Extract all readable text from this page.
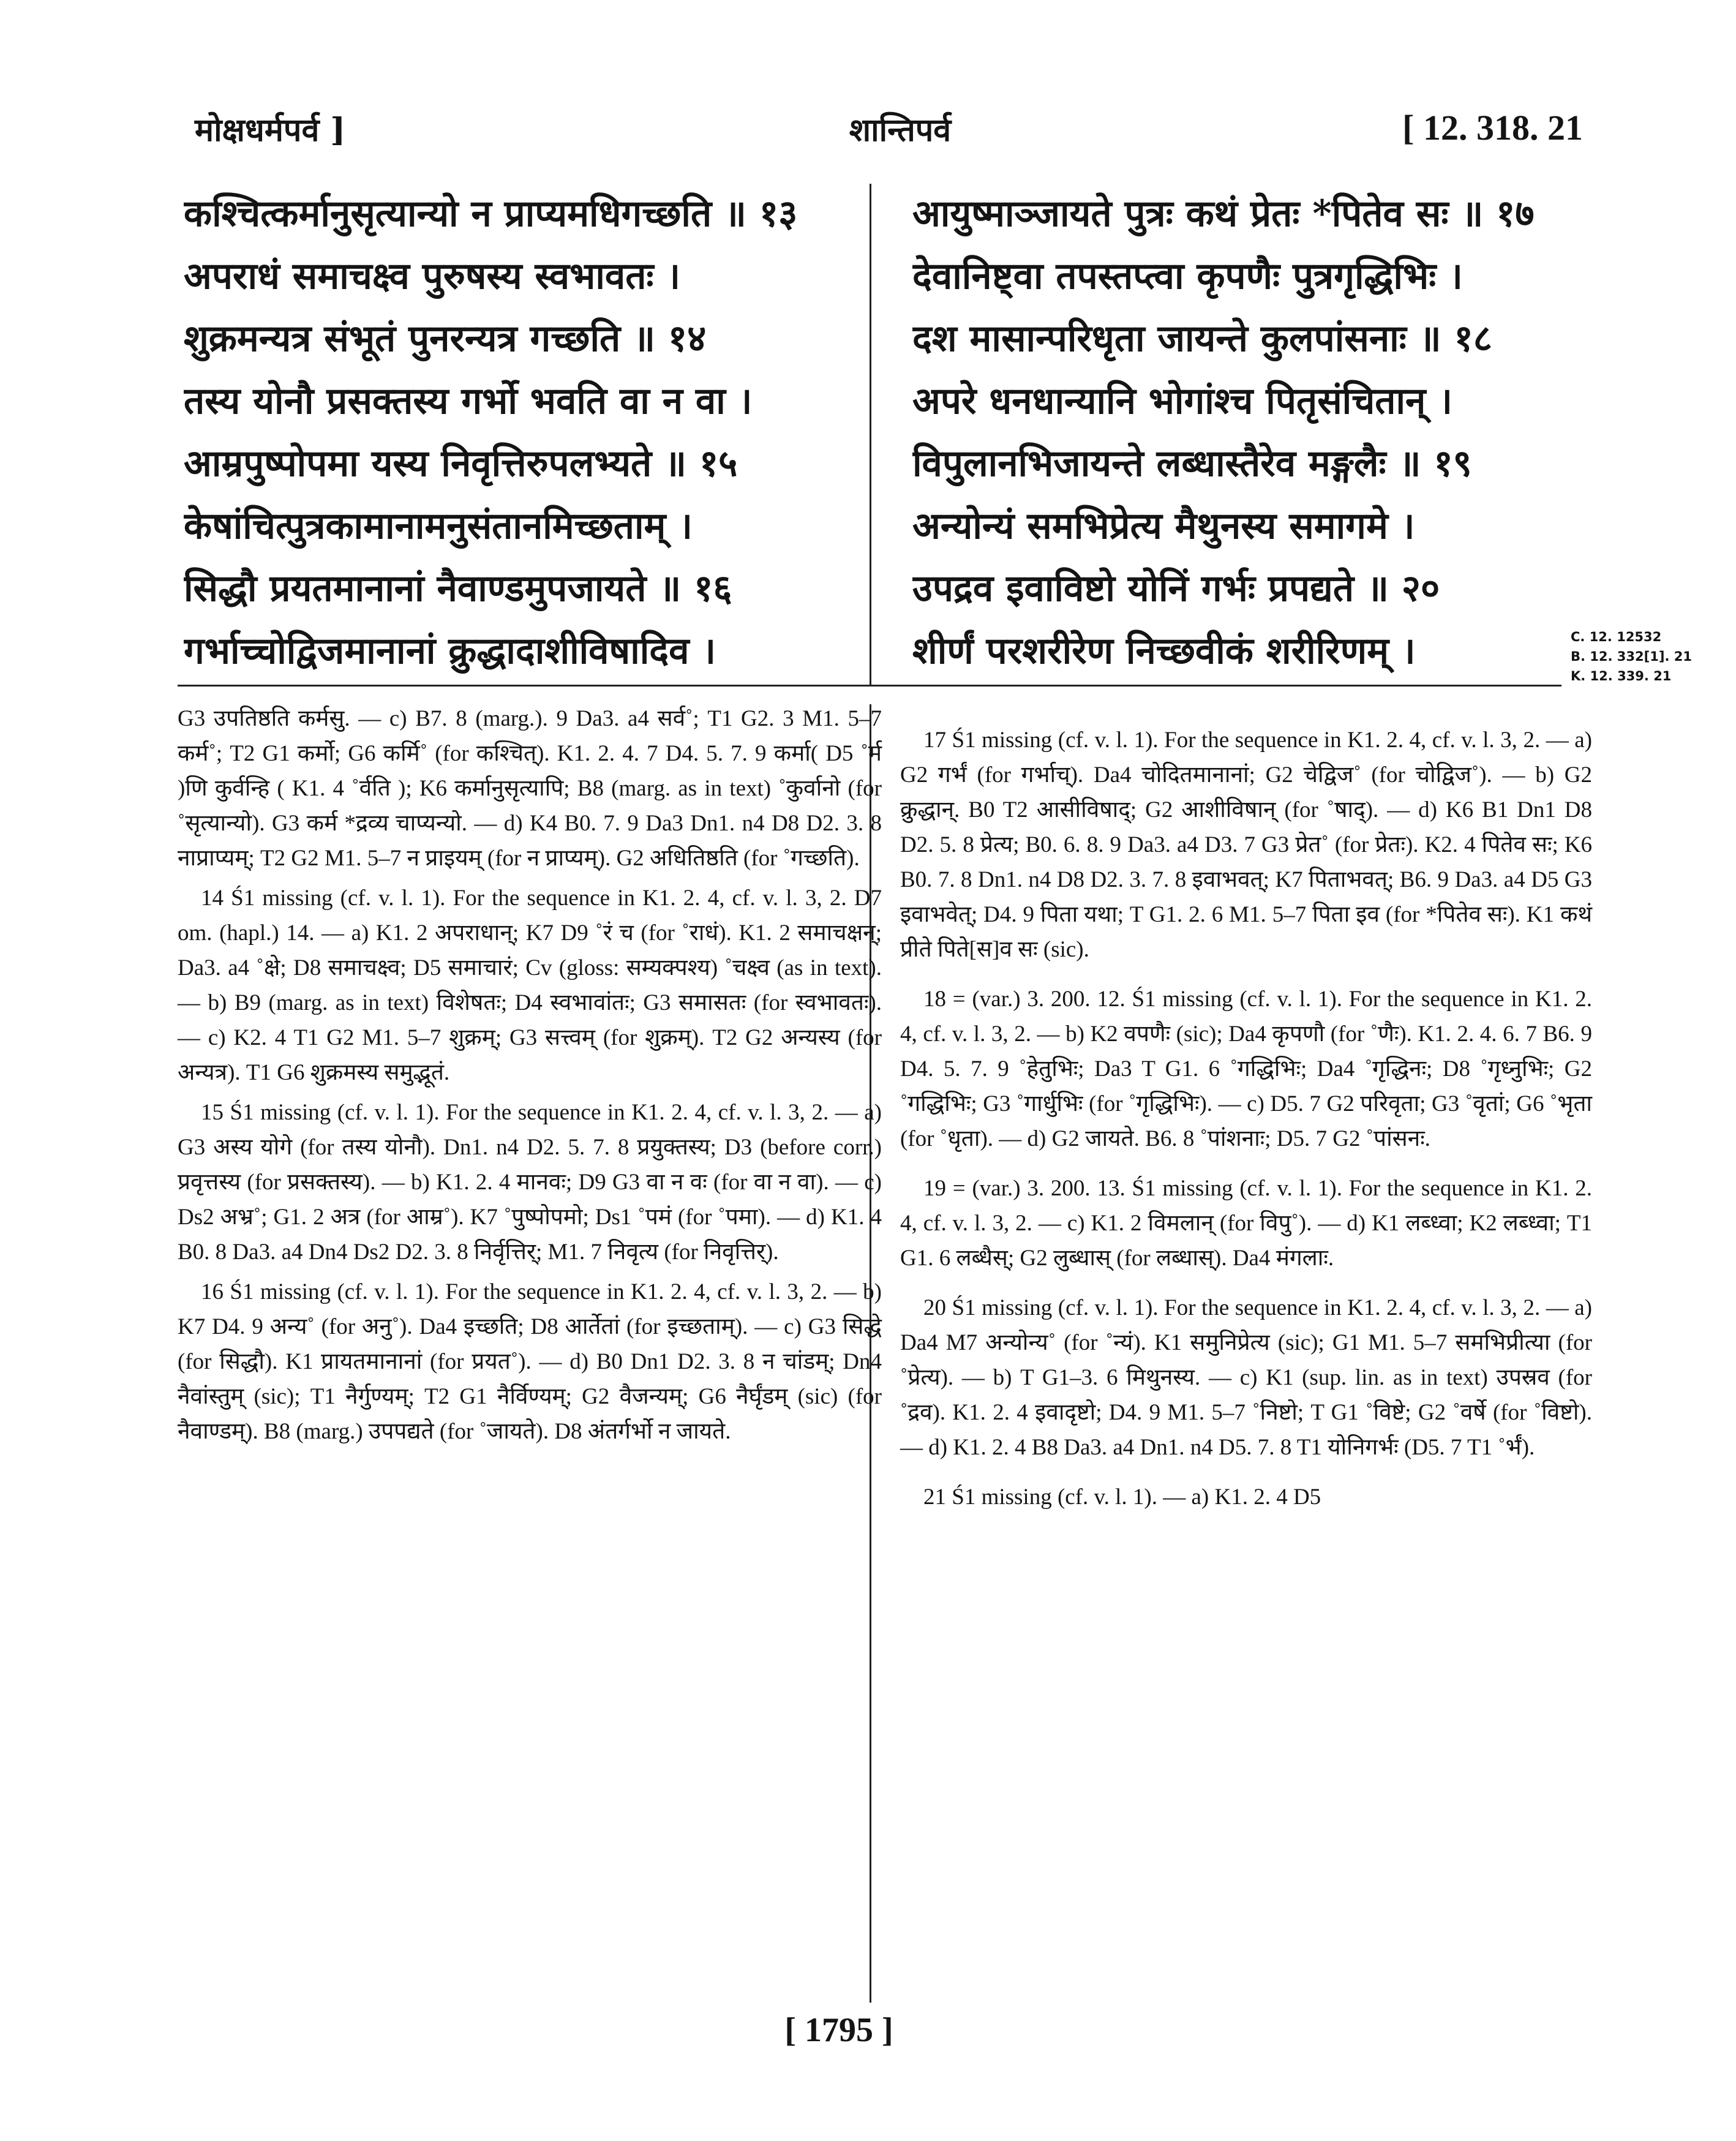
मोक्षधर्मपर्व ]	शान्तिपर्व	[ 12. 318. 21
कश्चित्कर्मानुसृत्यान्यो न प्राप्यमधिगच्छति ॥ १३
अपराधं समाचक्ष्व पुरुषस्य स्वभावतः ।
शुक्रमन्यत्र संभूतं पुनरन्यत्र गच्छति ॥ १४
तस्य योनौ प्रसक्तस्य गर्भो भवति वा न वा ।
आम्रपुष्पोपमा यस्य निवृत्तिरुपलभ्यते ॥ १५
केषांचित्पुत्रकामानामनुसंतानमिच्छताम् ।
सिद्धौ प्रयतमानानां नैवाण्डमुपजायते ॥ १६
गर्भाच्चोद्विजमानानां क्रुद्धादाशीविषादिव ।
आयुष्माञ्जायते पुत्रः कथं प्रेतः *पितेव सः ॥ १७
देवानिष्ट्वा तपस्तप्त्वा कृपणैः पुत्रगृद्धिभिः ।
दश मासान्परिधृता जायन्ते कुलपांसनाः ॥ १८
अपरे धनधान्यानि भोगांश्च पितृसंचितान् ।
विपुलानभिजायन्ते लब्धास्तैरेव मङ्गलैः ॥ १९
अन्योन्यं समभिप्रेत्य मैथुनस्य समागमे ।
उपद्रव इवाविष्टो योनिं गर्भः प्रपद्यते ॥ २०
शीर्णं परशरीरेण निच्छवीकं शरीरिणम् ।	C. 12. 12532
B. 12. 332[1]. 21
K. 12. 339. 21

G3 उपतिष्ठति कर्मसु. — c) B7. 8 (marg.). 9 Da3. a4 सर्व˚; T1 G2. 3 M1. 5–7 कर्म˚; T2 G1 कर्मो; G6 कर्मि˚ (for कश्चित्). K1. 2. 4. 7 D4. 5. 7. 9 कर्मा( D5 ˚र्म )णि कुर्वन्हि ( K1. 4 ˚र्वति ); K6 कर्मानुसृत्यापि; B8 (marg. as in text) ˚कुर्वानो (for ˚सृत्यान्यो). G3 कर्म *द्रव्य चाप्यन्यो. — d) K4 B0. 7. 9 Da3 Dn1. n4 D8 D2. 3. 8 नाप्राप्यम्; T2 G2 M1. 5–7 न प्राइयम् (for न प्राप्यम्). G2 अधितिष्ठति (for ˚गच्छति).

14 Ś1 missing (cf. v. l. 1). For the sequence in K1. 2. 4, cf. v. l. 3, 2. D7 om. (hapl.) 14. — a) K1. 2 अपराधान्; K7 D9 ˚रं च (for ˚राधं). K1. 2 समाचक्षन्; Da3. a4 ˚क्षे; D8 समाचक्ष्व; D5 समाचारं; Cv (gloss: सम्यक्पश्य) ˚चक्ष्व (as in text). — b) B9 (marg. as in text) विशेषतः; D4 स्वभावांतः; G3 समासतः (for स्वभावतः). — c) K2. 4 T1 G2 M1. 5–7 शुक्रम्; G3 सत्त्वम् (for शुक्रम्). T2 G2 अन्यस्य (for अन्यत्र). T1 G6 शुक्रमस्य समुद्भूतं.

15 Ś1 missing (cf. v. l. 1). For the sequence in K1. 2. 4, cf. v. l. 3, 2. — a) G3 अस्य योगे (for तस्य योनौ). Dn1. n4 D2. 5. 7. 8 प्रयुक्तस्य; D3 (before corr.) प्रवृत्तस्य (for प्रसक्तस्य). — b) K1. 2. 4 मानवः; D9 G3 वा न वः (for वा न वा). — c) Ds2 अभ्र˚; G1. 2 अत्र (for आम्र˚). K7 ˚पुष्पोपमो; Ds1 ˚पमं (for ˚पमा). — d) K1. 4 B0. 8 Da3. a4 Dn4 Ds2 D2. 3. 8 निर्वृत्तिर्; M1. 7 निवृत्य (for निवृत्तिर्).

16 Ś1 missing (cf. v. l. 1). For the sequence in K1. 2. 4, cf. v. l. 3, 2. — b) K7 D4. 9 अन्य˚ (for अनु˚). Da4 इच्छति; D8 आर्तेतां (for इच्छताम्). — c) G3 सिद्धे (for सिद्धौ). K1 प्रायतमानानां (for प्रयत˚). — d) B0 Dn1 D2. 3. 8 न चांडम्; Dn4 नैवांस्तुम् (sic); T1 नैर्गुण्यम्; T2 G1 नैर्विण्यम्; G2 वैजन्यम्; G6 नैर्घृंडम् (sic) (for नैवाण्डम्). B8 (marg.) उपपद्यते (for ˚जायते). D8 अंतर्गर्भो न जायते.

17 Ś1 missing (cf. v. l. 1). For the sequence in K1. 2. 4, cf. v. l. 3, 2. — a) G2 गर्भं (for गर्भाच्). Da4 चोदितमानानां; G2 चेद्विज˚ (for चोद्विज˚). — b) G2 क्रुद्धान्. B0 T2 आसीविषाद्; G2 आशीविषान् (for ˚षाद्). — d) K6 B1 Dn1 D8 D2. 5. 8 प्रेत्य; B0. 6. 8. 9 Da3. a4 D3. 7 G3 प्रेत˚ (for प्रेतः). K2. 4 पितेव सः; K6 B0. 7. 8 Dn1. n4 D8 D2. 3. 7. 8 इवाभवत्; K7 पिताभवत्; B6. 9 Da3. a4 D5 G3 इवाभवेत्; D4. 9 पिता यथा; T G1. 2. 6 M1. 5–7 पिता इव (for *पितेव सः). K1 कथं प्रीते पिते[स]व सः (sic).

18 = (var.) 3. 200. 12. Ś1 missing (cf. v. l. 1). For the sequence in K1. 2. 4, cf. v. l. 3, 2. — b) K2 वपणैः (sic); Da4 कृपणौ (for ˚णैः). K1. 2. 4. 6. 7 B6. 9 D4. 5. 7. 9 ˚हेतुभिः; Da3 T G1. 6 ˚गद्धिभिः; Da4 ˚गृद्धिनः; D8 ˚गृध्नुभिः; G2 ˚गद्धिभिः; G3 ˚गार्धुभिः (for ˚गृद्धिभिः). — c) D5. 7 G2 परिवृता; G3 ˚वृतां; G6 ˚भृता (for ˚धृता). — d) G2 जायते. B6. 8 ˚पांशनाः; D5. 7 G2 ˚पांसनः.

19 = (var.) 3. 200. 13. Ś1 missing (cf. v. l. 1). For the sequence in K1. 2. 4, cf. v. l. 3, 2. — c) K1. 2 विमलान् (for विपु˚). — d) K1 लब्ध्वा; K2 लब्ध्वा; T1 G1. 6 लब्धैस्; G2 लुब्धास् (for लब्धास्). Da4 मंगलाः.

20 Ś1 missing (cf. v. l. 1). For the sequence in K1. 2. 4, cf. v. l. 3, 2. — a) Da4 M7 अन्योन्य˚ (for ˚न्यं). K1 समुनिप्रेत्य (sic); G1 M1. 5–7 समभिप्रीत्या (for ˚प्रेत्य). — b) T G1–3. 6 मिथुनस्य. — c) K1 (sup. lin. as in text) उपस्रव (for ˚द्रव). K1. 2. 4 इवादृष्टो; D4. 9 M1. 5–7 ˚निष्टो; T G1 ˚विष्टे; G2 ˚वर्षे (for ˚विष्टो). — d) K1. 2. 4 B8 Da3. a4 Dn1. n4 D5. 7. 8 T1 योनिगर्भः (D5. 7 T1 ˚र्भं).

21 Ś1 missing (cf. v. l. 1). — a) K1. 2. 4 D5

[ 1795 ]
